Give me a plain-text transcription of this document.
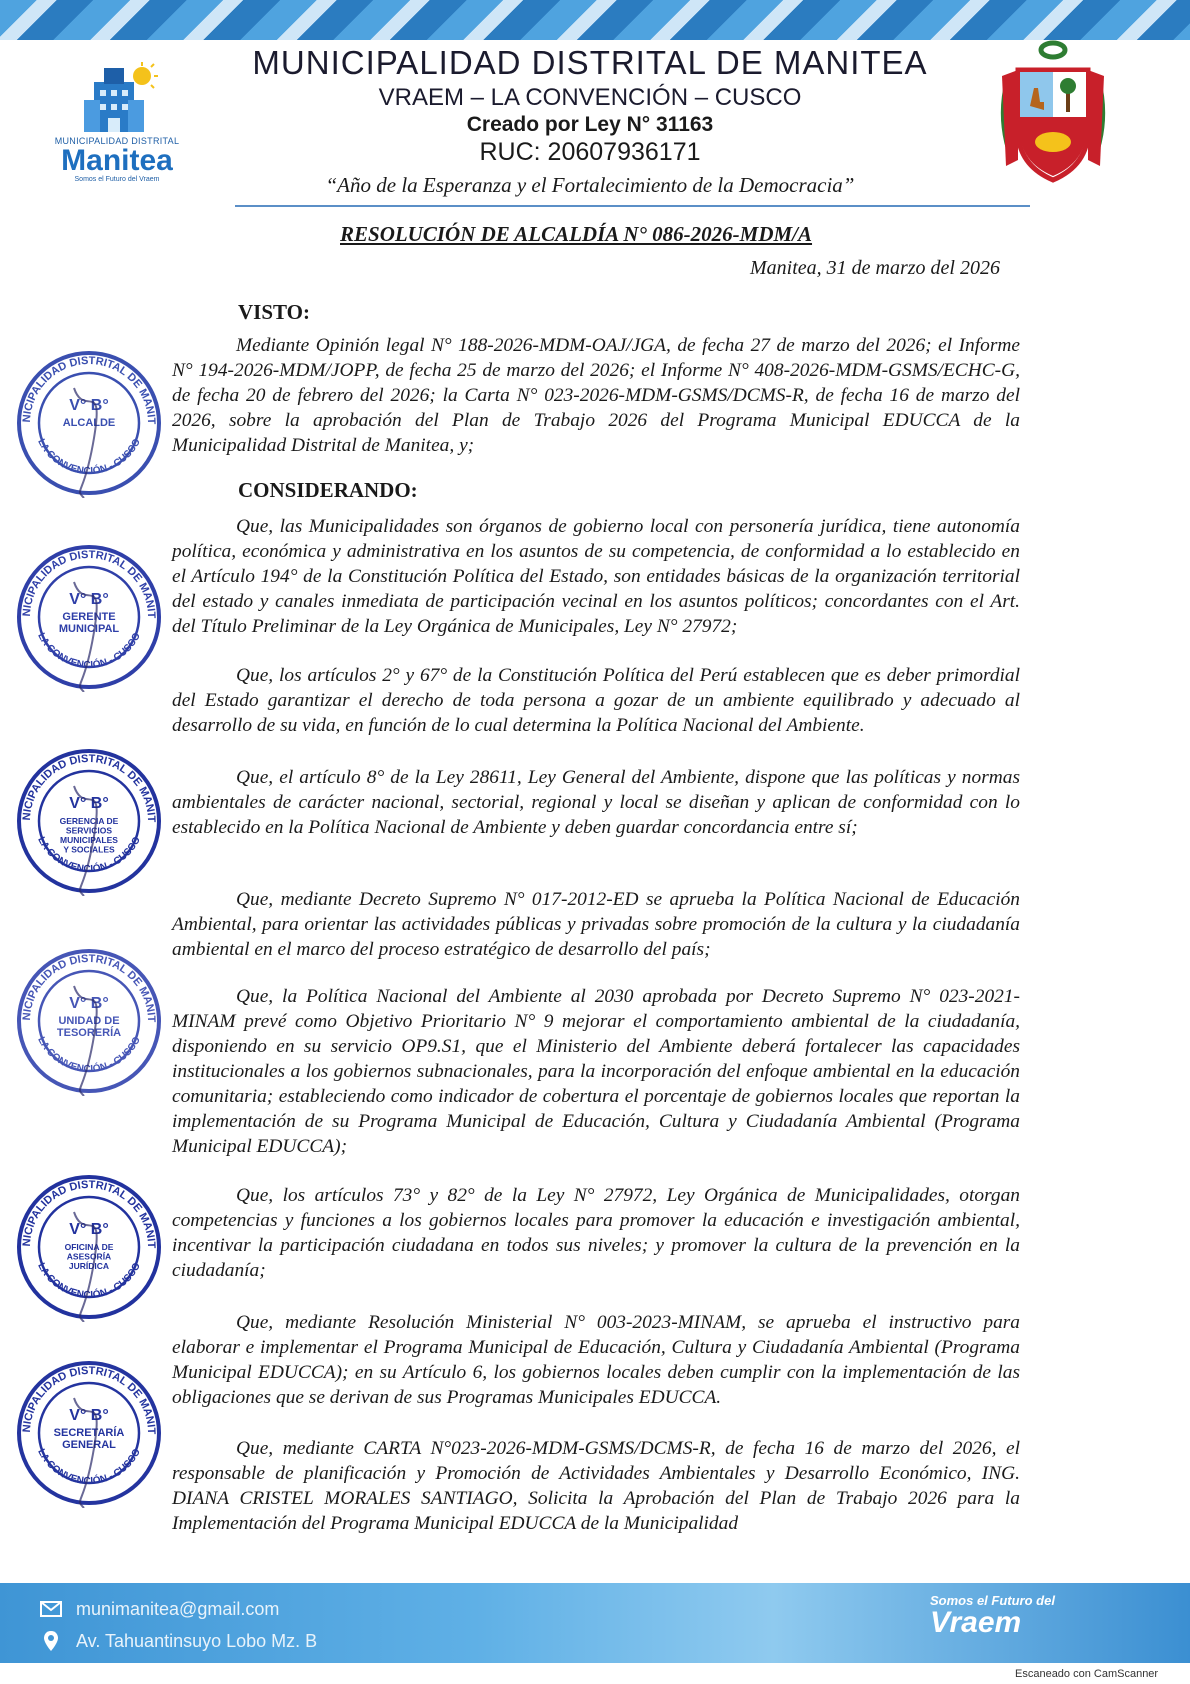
MUNICIPALIDAD DISTRITAL
Manitea
Somos el Futuro del Vraem
MUNICIPALIDAD DISTRITAL DE MANITEA
VRAEM – LA CONVENCIÓN – CUSCO
Creado por Ley N° 31163
RUC: 20607936171
“Año de la Esperanza y el Fortalecimiento de la Democracia”
RESOLUCIÓN DE ALCALDÍA N° 086-2026-MDM/A
Manitea, 31 de marzo del 2026
VISTO:
Mediante Opinión legal N° 188-2026-MDM-OAJ/JGA, de fecha 27 de marzo del 2026; el Informe N° 194-2026-MDM/JOPP, de fecha 25 de marzo del 2026; el Informe N° 408-2026-MDM-GSMS/ECHC-G, de fecha 20 de febrero del 2026; la Carta N° 023-2026-MDM-GSMS/DCMS-R, de fecha 16 de marzo del 2026, sobre la aprobación del Plan de Trabajo 2026 del Programa Municipal EDUCCA de la Municipalidad Distrital de Manitea, y;
CONSIDERANDO:
Que, las Municipalidades son órganos de gobierno local con personería jurídica, tiene autonomía política, económica y administrativa en los asuntos de su competencia, de conformidad a lo establecido en el Artículo 194° de la Constitución Política del Estado, son entidades básicas de la organización territorial del estado y canales inmediata de participación vecinal en los asuntos políticos; concordantes con el Art. del Título Preliminar de la Ley Orgánica de Municipales, Ley N° 27972;
Que, los artículos 2° y 67° de la Constitución Política del Perú establecen que es deber primordial del Estado garantizar el derecho de toda persona a gozar de un ambiente equilibrado y adecuado al desarrollo de su vida, en función de lo cual determina la Política Nacional del Ambiente.
Que, el artículo 8° de la Ley 28611, Ley General del Ambiente, dispone que las políticas y normas ambientales de carácter nacional, sectorial, regional y local se diseñan y aplican de conformidad con lo establecido en la Política Nacional de Ambiente y deben guardar concordancia entre sí;
Que, mediante Decreto Supremo N° 017-2012-ED se aprueba la Política Nacional de Educación Ambiental, para orientar las actividades públicas y privadas sobre promoción de la cultura y la ciudadanía ambiental en el marco del proceso estratégico de desarrollo del país;
Que, la Política Nacional del Ambiente al 2030 aprobada por Decreto Supremo N° 023-2021-MINAM prevé como Objetivo Prioritario N° 9 mejorar el comportamiento ambiental de la ciudadanía, disponiendo en su servicio OP9.S1, que el Ministerio del Ambiente deberá fortalecer las capacidades institucionales a los gobiernos subnacionales, para la incorporación del enfoque ambiental en la educación comunitaria; estableciendo como indicador de cobertura el porcentaje de gobiernos locales que reportan la implementación de su Programa Municipal de Educación, Cultura y Ciudadanía Ambiental (Programa Municipal EDUCCA);
Que, los artículos 73° y 82° de la Ley N° 27972, Ley Orgánica de Municipalidades, otorgan competencias y funciones a los gobiernos locales para promover la educación e investigación ambiental, incentivar la participación ciudadana en todos sus niveles; y promover la cultura de la prevención en la ciudadanía;
Que, mediante Resolución Ministerial N° 003-2023-MINAM, se aprueba el instructivo para elaborar e implementar el Programa Municipal de Educación, Cultura y Ciudadanía Ambiental (Programa Municipal EDUCCA); en su Artículo 6, los gobiernos locales deben cumplir con la implementación de las obligaciones que se derivan de sus Programas Municipales EDUCCA.
Que, mediante CARTA N°023-2026-MDM-GSMS/DCMS-R, de fecha 16 de marzo del 2026, el responsable de planificación y Promoción de Actividades Ambientales y Desarrollo Económico, ING. DIANA CRISTEL MORALES SANTIAGO, Solicita la Aprobación del Plan de Trabajo 2026 para la Implementación del Programa Municipal EDUCCA de la Municipalidad
NICIPALIDAD DISTRITAL DE MANIT
LA CONVENCIÓN - CUSCO
V° B°
ALCALDE
NICIPALIDAD DISTRITAL DE MANIT
LA CONVENCIÓN - CUSCO
V° B°
GERENTE
MUNICIPAL
NICIPALIDAD DISTRITAL DE MANIT
LA CONVENCIÓN - CUSCO
V° B°
GERENCIA DE
SERVICIOS
MUNICIPALES
Y SOCIALES
NICIPALIDAD DISTRITAL DE MANIT
LA CONVENCIÓN - CUSCO
V° B°
UNIDAD DE
TESORERÍA
NICIPALIDAD DISTRITAL DE MANIT
LA CONVENCIÓN - CUSCO
V° B°
OFICINA DE
ASESORÍA
JURÍDICA
NICIPALIDAD DISTRITAL DE MANIT
LA CONVENCIÓN - CUSCO
V° B°
SECRETARÍA
GENERAL
munimanitea@gmail.com
Av. Tahuantinsuyo Lobo Mz. B
Somos el Futuro del
Vraem
Escaneado con CamScanner
